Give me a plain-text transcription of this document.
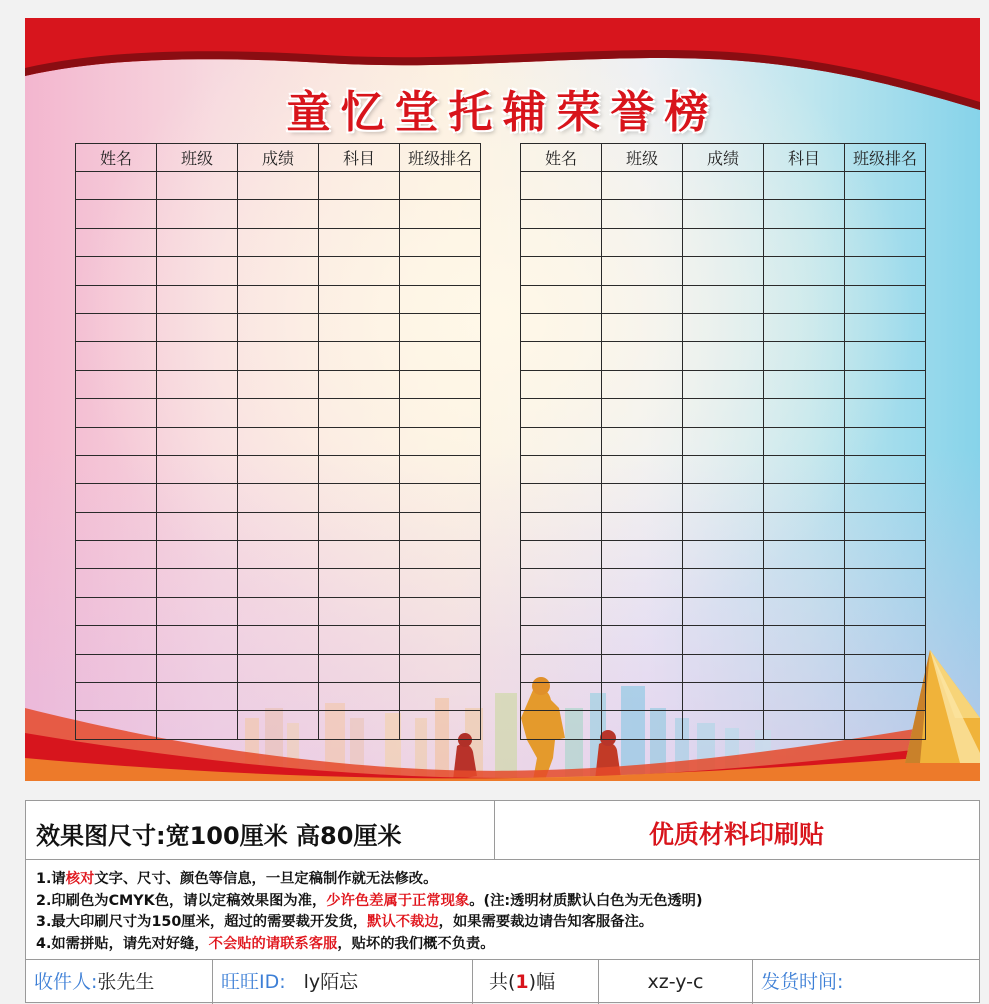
童忆堂托辅荣誉榜
姓名	班级	成绩	科目	班级排名

					姓名	班级	成绩	科目	班级排名

效果图尺寸:宽100厘米 高80厘米	优质材料印刷贴
1.请核对文字、尺寸、颜色等信息，一旦定稿制作就无法修改。
2.印刷色为CMYK色，请以定稿效果图为准，少许色差属于正常现象。(注:透明材质默认白色为无色透明)
3.最大印刷尺寸为150厘米，超过的需要裁开发货，默认不裁边，如果需要裁边请告知客服备注。
4.如需拼贴，请先对好缝，不会贴的请联系客服，贴坏的我们概不负责。
收件人:张先生	旺旺ID: ly陌忘	共(1)幅	xz-y-c	发货时间:
